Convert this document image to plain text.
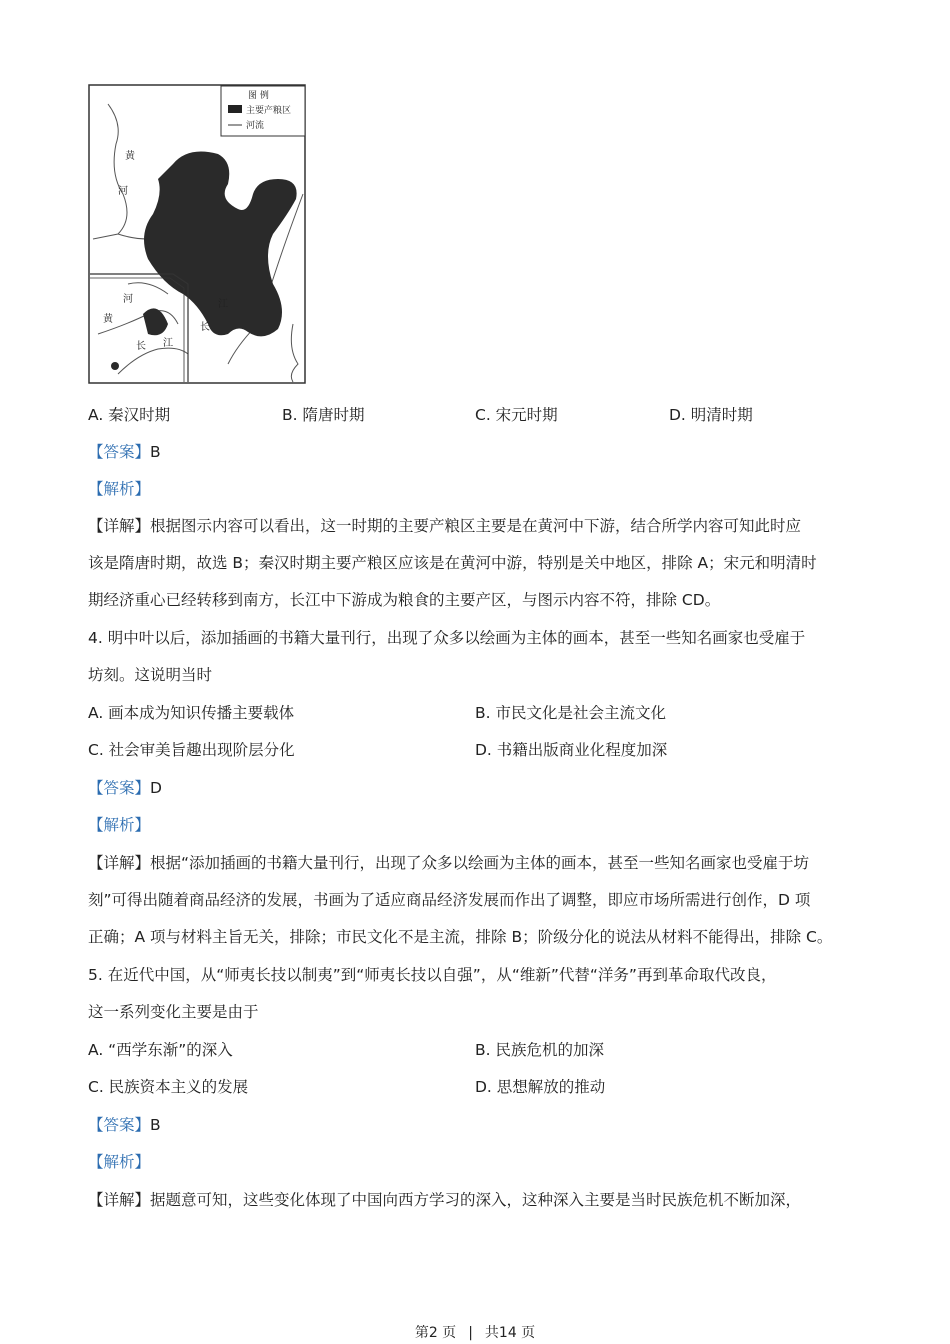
图 例
主要产粮区
河流
黄
河
河
黄
江
长
长 江
A. 秦汉时期	B. 隋唐时期	C. 宋元时期	D. 明清时期
【答案】B
【解析】
【详解】根据图示内容可以看出，这一时期的主要产粮区主要是在黄河中下游，结合所学内容可知此时应
该是隋唐时期，故选 B；秦汉时期主要产粮区应该是在黄河中游，特别是关中地区，排除 A；宋元和明清时
期经济重心已经转移到南方，长江中下游成为粮食的主要产区，与图示内容不符，排除 CD。
4. 明中叶以后，添加插画的书籍大量刊行，出现了众多以绘画为主体的画本，甚至一些知名画家也受雇于
坊刻。这说明当时
A. 画本成为知识传播主要载体	B. 市民文化是社会主流文化
C. 社会审美旨趣出现阶层分化	D. 书籍出版商业化程度加深
【答案】D
【解析】
【详解】根据“添加插画的书籍大量刊行，出现了众多以绘画为主体的画本，甚至一些知名画家也受雇于坊
刻”可得出随着商品经济的发展，书画为了适应商品经济发展而作出了调整，即应市场所需进行创作，D 项
正确；A 项与材料主旨无关，排除；市民文化不是主流，排除 B；阶级分化的说法从材料不能得出，排除 C。
5. 在近代中国，从“师夷长技以制夷”到“师夷长技以自强”，从“维新”代替“洋务”再到革命取代改良，
这一系列变化主要是由于
A. “西学东渐”的深入	B. 民族危机的加深
C. 民族资本主义的发展	D. 思想解放的推动
【答案】B
【解析】
【详解】据题意可知，这些变化体现了中国向西方学习的深入，这种深入主要是当时民族危机不断加深，
第2 页 | 共14 页
